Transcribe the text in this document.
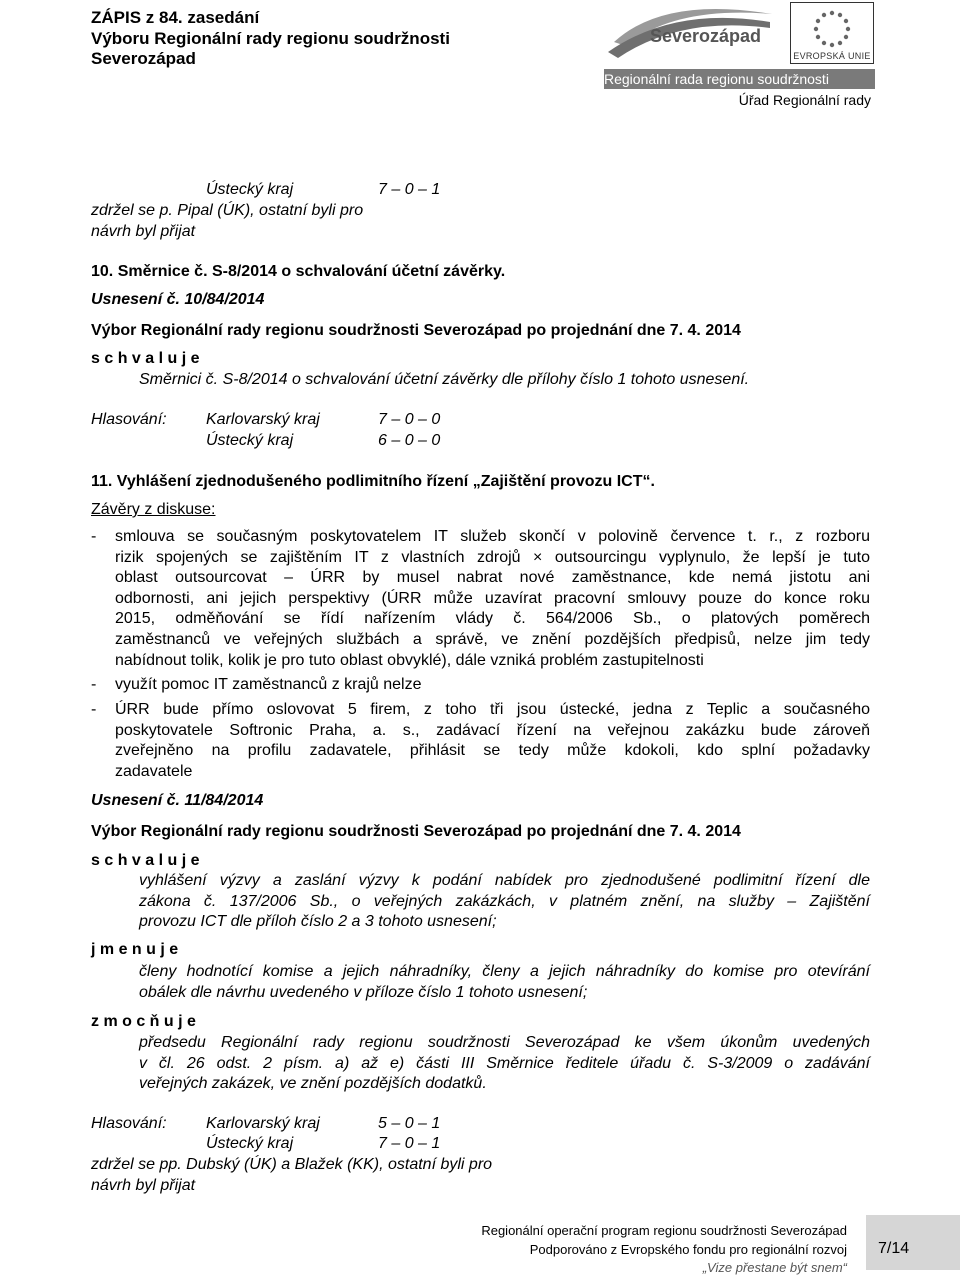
ZÁPIS z 84. zasedání
Výboru Regionální rady regionu soudržnosti
Severozápad
Severozápad
EVROPSKÁ UNIE
Regionální rada regionu soudržnosti Severozápad	Úřad Regionální rady
Ústecký kraj	7 – 0 – 1
zdržel se p. Pipal (ÚK), ostatní byli pro
návrh byl přijat
10. Směrnice č. S-8/2014 o schvalování účetní závěrky.
Usnesení č. 10/84/2014
Výbor Regionální rady regionu soudržnosti Severozápad po projednání dne 7. 4. 2014
s c h v a l u j e
Směrnici č. S-8/2014 o schvalování účetní závěrky dle přílohy číslo 1 tohoto usnesení.
Hlasování: Karlovarský kraj	7 – 0 – 0
Ústecký kraj	6 – 0 – 0
11. Vyhlášení zjednodušeného podlimitního řízení „Zajištění provozu ICT“.
Závěry z diskuse:
- smlouva se současným poskytovatelem IT služeb skončí v polovině července t. r., z rozboru
rizik spojených se zajištěním IT z vlastních zdrojů × outsourcingu vyplynulo, že lepší je tuto
oblast outsourcovat – ÚRR by musel nabrat nové zaměstnance, kde nemá jistotu ani
odbornosti, ani jejich perspektivy (ÚRR může uzavírat pracovní smlouvy pouze do konce roku
2015, odměňování se řídí nařízením vlády č. 564/2006 Sb., o platových poměrech
zaměstnanců ve veřejných službách a správě, ve znění pozdějších předpisů, nelze jim tedy
nabídnout tolik, kolik je pro tuto oblast obvyklé), dále vzniká problém zastupitelnosti
- využít pomoc IT zaměstnanců z krajů nelze
- ÚRR bude přímo oslovovat 5 firem, z toho tři jsou ústecké, jedna z Teplic a současného
poskytovatele Softronic Praha, a. s., zadávací řízení na veřejnou zakázku bude zároveň
zveřejněno na profilu zadavatele, přihlásit se tedy může kdokoli, kdo splní požadavky
zadavatele
Usnesení č. 11/84/2014
Výbor Regionální rady regionu soudržnosti Severozápad po projednání dne 7. 4. 2014
s c h v a l u j e
vyhlášení výzvy a zaslání výzvy k podání nabídek pro zjednodušené podlimitní řízení dle
zákona č. 137/2006 Sb., o veřejných zakázkách, v platném znění, na služby – Zajištění
provozu ICT dle příloh číslo 2 a 3 tohoto usnesení;
j m e n u j e
členy hodnotící komise a jejich náhradníky, členy a jejich náhradníky do komise pro otevírání
obálek dle návrhu uvedeného v příloze číslo 1 tohoto usnesení;
z m o c ň u j e
předsedu Regionální rady regionu soudržnosti Severozápad ke všem úkonům uvedených
v čl. 26 odst. 2 písm. a) až e) části III Směrnice ředitele úřadu č. S-3/2009 o zadávání
veřejných zakázek, ve znění pozdějších dodatků.
Hlasování: Karlovarský kraj	5 – 0 – 1
Ústecký kraj	7 – 0 – 1
zdržel se pp. Dubský (ÚK) a Blažek (KK), ostatní byli pro
návrh byl přijat
Regionální operační program regionu soudržnosti Severozápad
Podporováno z Evropského fondu pro regionální rozvoj
„Vize přestane být snem“
7/14
